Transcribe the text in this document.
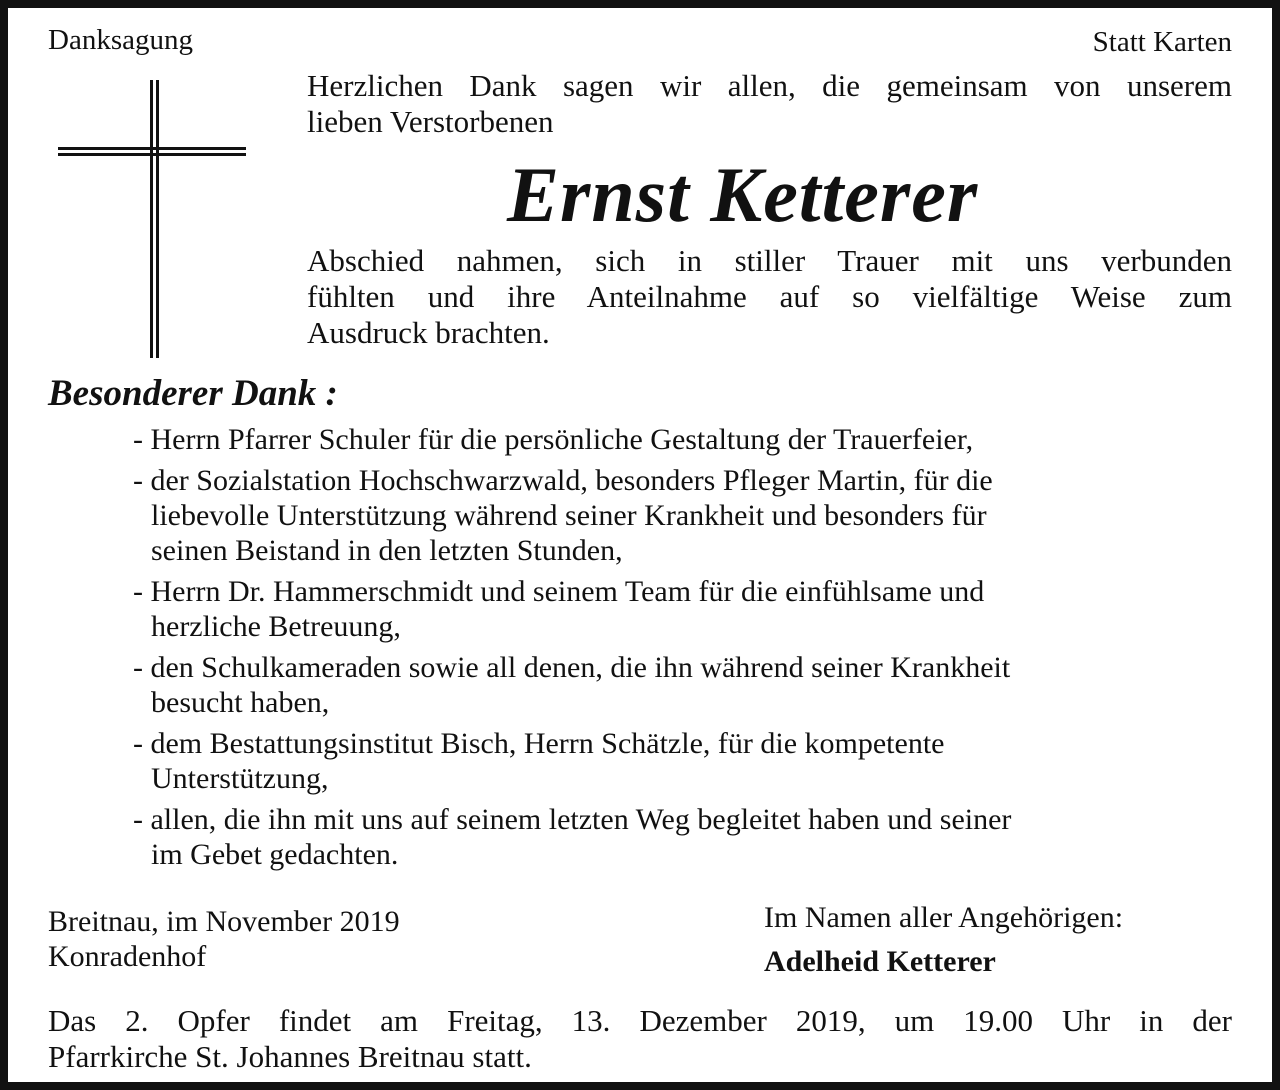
Danksagung	Statt Karten
Herzlichen Dank sagen wir allen, die gemeinsam von unserem
lieben Verstorbenen
Ernst Ketterer
Abschied nahmen, sich in stiller Trauer mit uns verbunden
fühlten und ihre Anteilnahme auf so vielfältige Weise zum
Ausdruck brachten.
Besonderer Dank :
- Herrn Pfarrer Schuler für die persönliche Gestaltung der Trauerfeier,
- der Sozialstation Hochschwarzwald, besonders Pfleger Martin, für die
liebevolle Unterstützung während seiner Krankheit und besonders für
seinen Beistand in den letzten Stunden,
- Herrn Dr. Hammerschmidt und seinem Team für die einfühlsame und
herzliche Betreuung,
- den Schulkameraden sowie all denen, die ihn während seiner Krankheit
besucht haben,
- dem Bestattungsinstitut Bisch, Herrn Schätzle, für die kompetente
Unterstützung,
- allen, die ihn mit uns auf seinem letzten Weg begleitet haben und seiner
im Gebet gedachten.
Breitnau, im November 2019
Konradenhof
Im Namen aller Angehörigen:
Adelheid Ketterer
Das 2. Opfer findet am Freitag, 13. Dezember 2019, um 19.00 Uhr in der
Pfarrkirche St. Johannes Breitnau statt.
